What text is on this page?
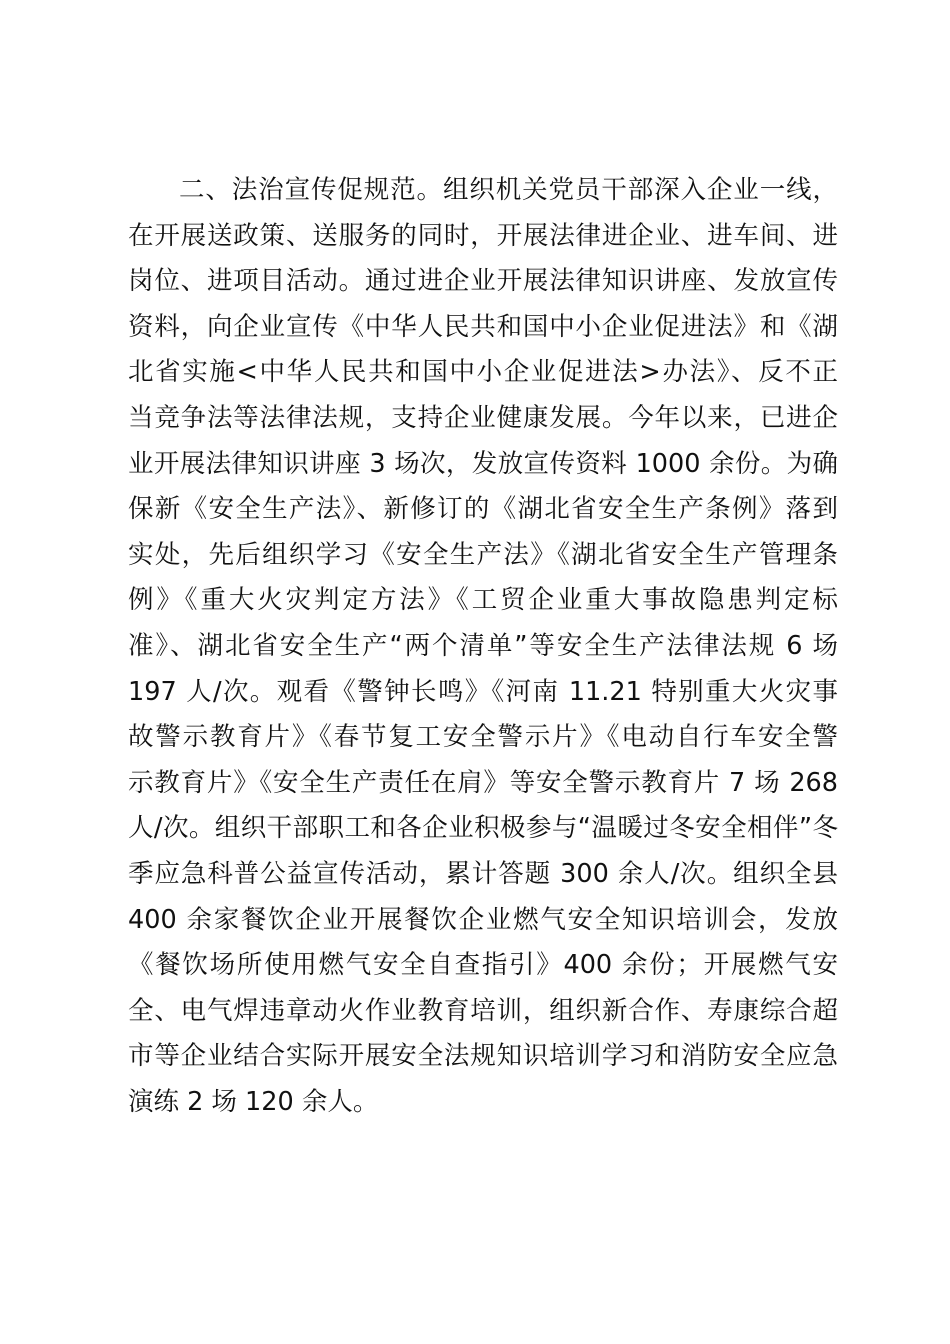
二、法治宣传促规范。组织机关党员干部深入企业一线，
在开展送政策、送服务的同时，开展法律进企业、进车间、进
岗位、进项目活动。通过进企业开展法律知识讲座、发放宣传
资料，向企业宣传《中华人民共和国中小企业促进法》和《湖
北省实施<中华人民共和国中小企业促进法>办法》、反不正
当竞争法等法律法规，支持企业健康发展。今年以来，已进企
业开展法律知识讲座 3 场次，发放宣传资料 1000 余份。为确
保新《安全生产法》、新修订的《湖北省安全生产条例》落到
实处，先后组织学习《安全生产法》《湖北省安全生产管理条
例》《重大火灾判定方法》《工贸企业重大事故隐患判定标
准》、湖北省安全生产“两个清单”等安全生产法律法规 6 场
197 人/次。观看《警钟长鸣》《河南 11.21 特别重大火灾事
故警示教育片》《春节复工安全警示片》《电动自行车安全警
示教育片》《安全生产责任在肩》等安全警示教育片 7 场 268
人/次。组织干部职工和各企业积极参与“温暖过冬安全相伴”冬
季应急科普公益宣传活动，累计答题 300 余人/次。组织全县
400 余家餐饮企业开展餐饮企业燃气安全知识培训会，发放
《餐饮场所使用燃气安全自查指引》400 余份；开展燃气安
全、电气焊违章动火作业教育培训，组织新合作、寿康综合超
市等企业结合实际开展安全法规知识培训学习和消防安全应急
演练 2 场 120 余人。
